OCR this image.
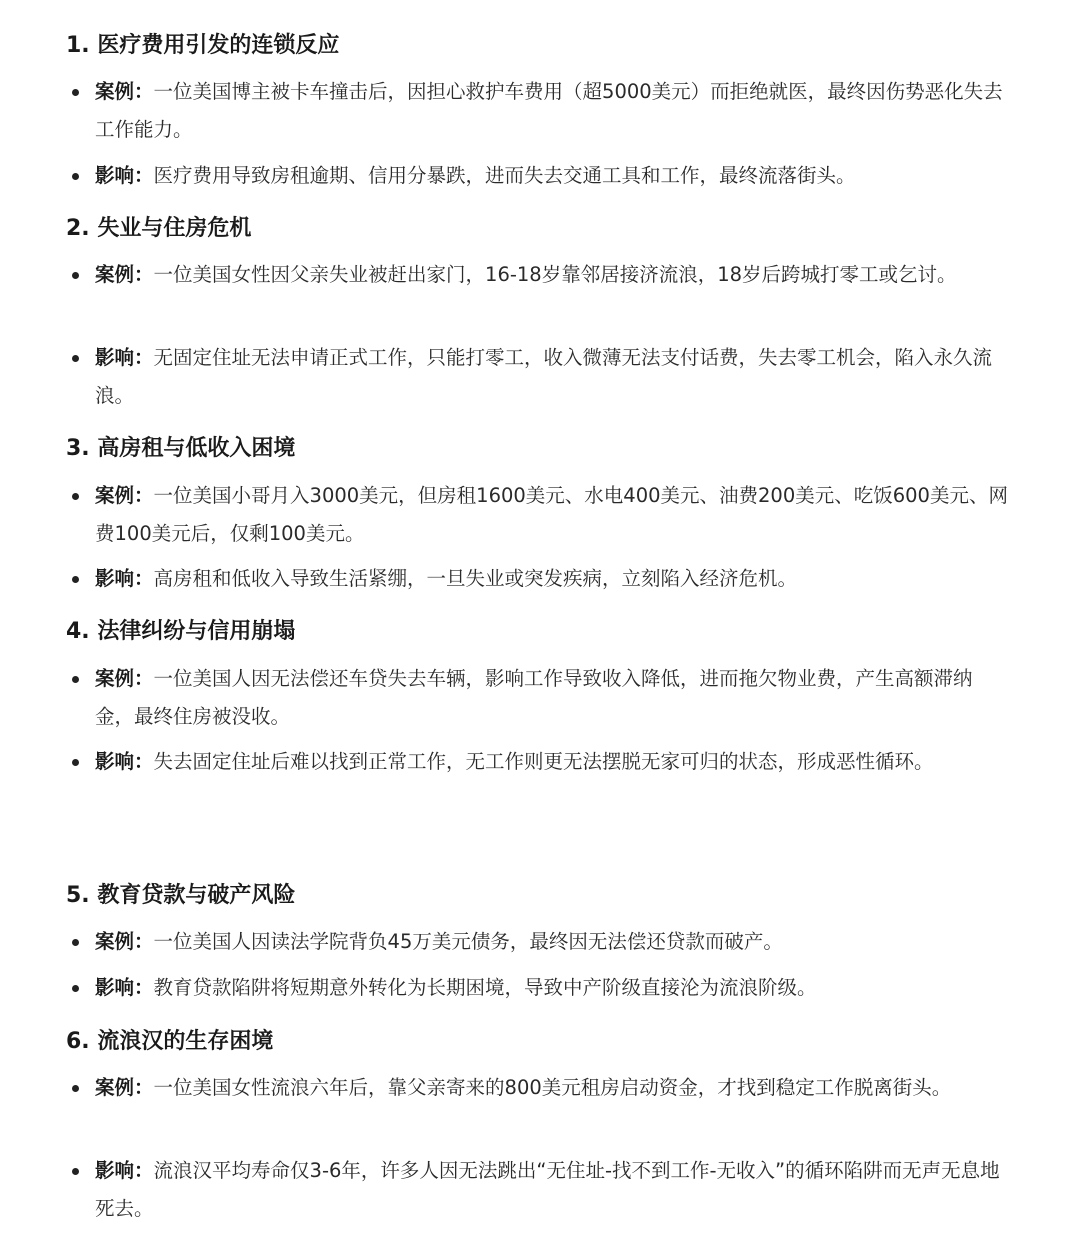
1. 医疗费用引发的连锁反应
案例：一位美国博主被卡车撞击后，因担心救护车费用（超5000美元）而拒绝就医，最终因伤势恶化失去工作能力。
影响：医疗费用导致房租逾期、信用分暴跌，进而失去交通工具和工作，最终流落街头。
2. 失业与住房危机
案例：一位美国女性因父亲失业被赶出家门，16-18岁靠邻居接济流浪，18岁后跨城打零工或乞讨。
影响：无固定住址无法申请正式工作，只能打零工，收入微薄无法支付话费，失去零工机会，陷入永久流浪。
3. 高房租与低收入困境
案例：一位美国小哥月入3000美元，但房租1600美元、水电400美元、油费200美元、吃饭600美元、网费100美元后，仅剩100美元。
影响：高房租和低收入导致生活紧绷，一旦失业或突发疾病，立刻陷入经济危机。
4. 法律纠纷与信用崩塌
案例：一位美国人因无法偿还车贷失去车辆，影响工作导致收入降低，进而拖欠物业费，产生高额滞纳金，最终住房被没收。
影响：失去固定住址后难以找到正常工作，无工作则更无法摆脱无家可归的状态，形成恶性循环。
5. 教育贷款与破产风险
案例：一位美国人因读法学院背负45万美元债务，最终因无法偿还贷款而破产。
影响：教育贷款陷阱将短期意外转化为长期困境，导致中产阶级直接沦为流浪阶级。
6. 流浪汉的生存困境
案例：一位美国女性流浪六年后，靠父亲寄来的800美元租房启动资金，才找到稳定工作脱离街头。
影响：流浪汉平均寿命仅3-6年，许多人因无法跳出“无住址-找不到工作-无收入”的循环陷阱而无声无息地死去。
